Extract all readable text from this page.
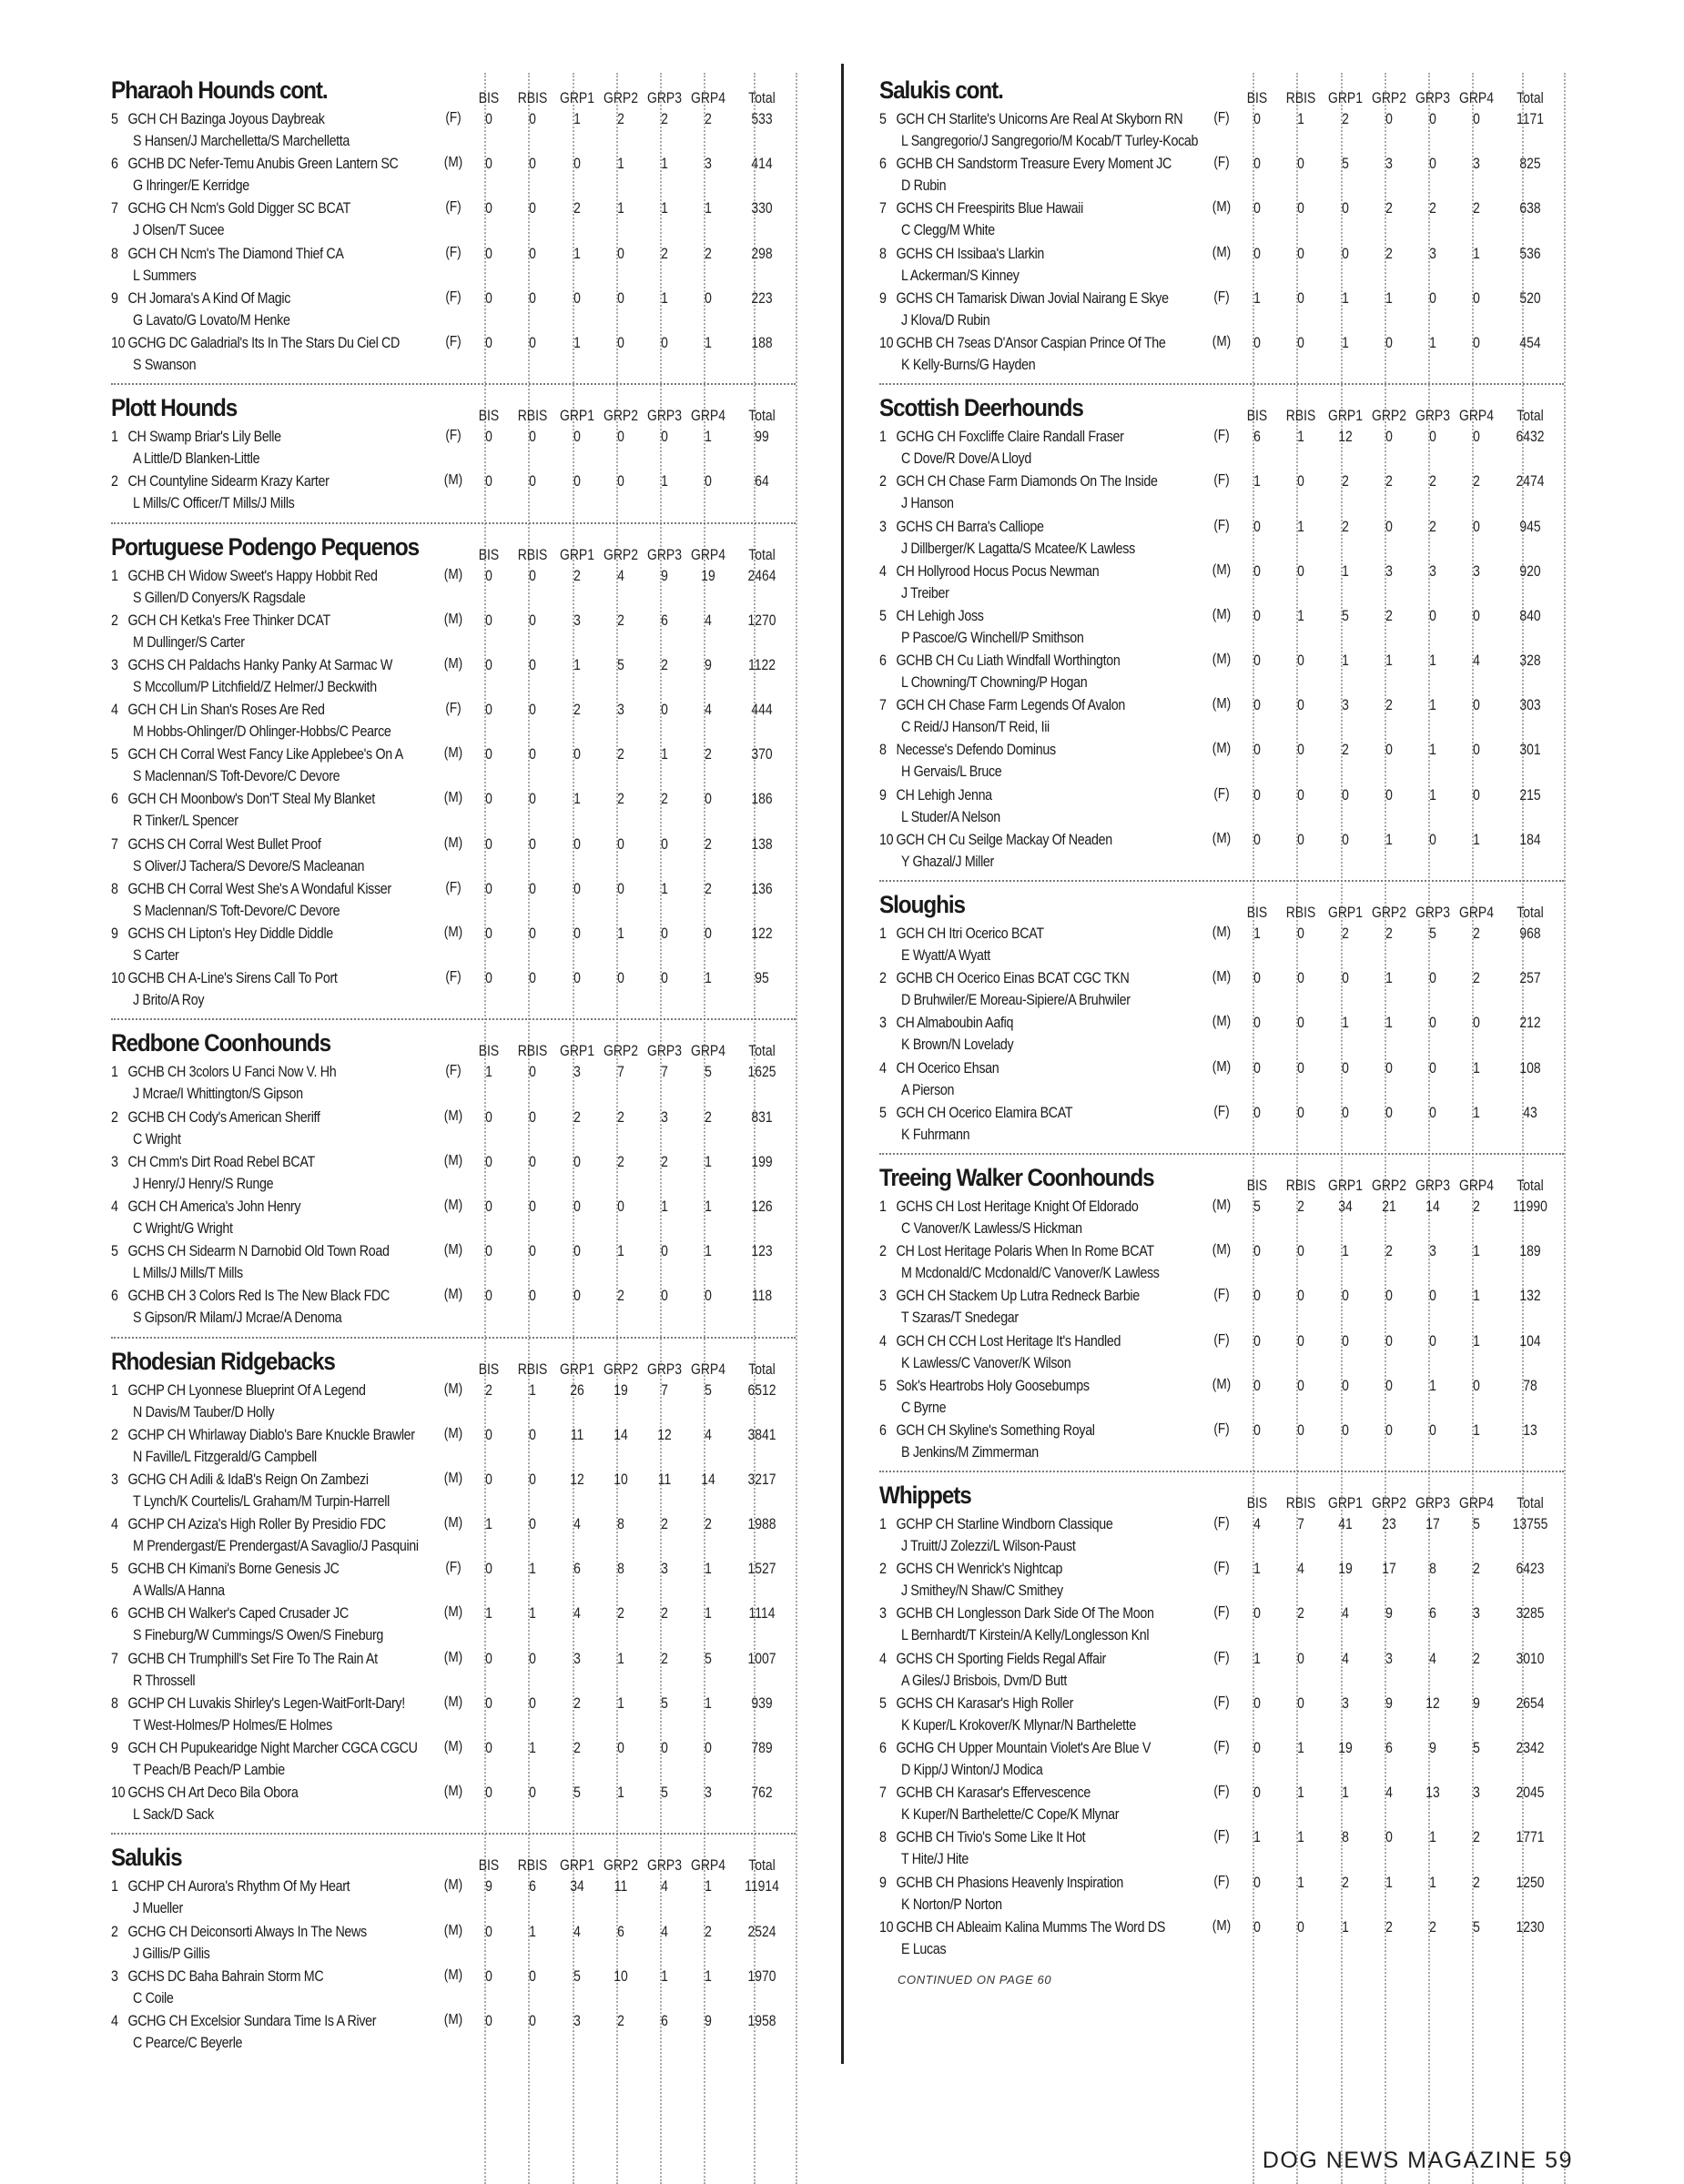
Pharaoh Hounds cont.	BIS	RBIS GRP1 GRP2 GRP3 GRP4	Total
5 GCH CH Bazinga Joyous Daybreak
S Hansen/J Marchelletta/S Marchelletta
(F)	0	0	1	2	2	2	533
6 GCHB DC Nefer-Temu Anubis Green Lantern SC
G Ihringer/E Kerridge
(M)	0	0	0	1	1	3	414
7 GCHG CH Ncm's Gold Digger SC BCAT
J Olsen/T Sucee
(F)	0	0	2	1	1	1	330
8 GCH CH Ncm's The Diamond Thief CA
L Summers
(F)	0	0	1	0	2	2	298
9 CH Jomara's A Kind Of Magic
G Lavato/G Lovato/M Henke
(F)	0	0	0	0	1	0	223
10 GCHG DC Galadrial's Its In The Stars Du Ciel CD
S Swanson
(F)	0	0	1	0	0	1	188
Plott Hounds	BIS	RBIS GRP1 GRP2 GRP3 GRP4	Total
1 CH Swamp Briar's Lily Belle
A Little/D Blanken-Little
(F)	0	0	0	0	0	1	99
2 CH Countyline Sidearm Krazy Karter
L Mills/C Officer/T Mills/J Mills
(M)	0	0	0	0	1	0	64
Portuguese Podengo Pequenos	BIS	RBIS GRP1 GRP2 GRP3 GRP4	Total
1 GCHB CH Widow Sweet's Happy Hobbit Red
S Gillen/D Conyers/K Ragsdale
(M)	0	0	2	4	9	19	2464
2 GCH CH Ketka's Free Thinker DCAT
M Dullinger/S Carter
(M)	0	0	3	2	6	4	1270
3 GCHS CH Paldachs Hanky Panky At Sarmac W
S Mccollum/P Litchfield/Z Helmer/J Beckwith
(M)	0	0	1	5	2	9	1122
4 GCH CH Lin Shan's Roses Are Red
M Hobbs-Ohlinger/D Ohlinger-Hobbs/C Pearce
(F)	0	0	2	3	0	4	444
5 GCH CH Corral West Fancy Like Applebee's On A
S Maclennan/S Toft-Devore/C Devore
(M)	0	0	0	2	1	2	370
6 GCH CH Moonbow's Don'T Steal My Blanket
R Tinker/L Spencer
(M)	0	0	1	2	2	0	186
7 GCHS CH Corral West Bullet Proof
S Oliver/J Tachera/S Devore/S Macleanan
(M)	0	0	0	0	0	2	138
8 GCHB CH Corral West She's A Wondaful Kisser
S Maclennan/S Toft-Devore/C Devore
(F)	0	0	0	0	1	2	136
9 GCHS CH Lipton's Hey Diddle Diddle
S Carter
(M)	0	0	0	1	0	0	122
10 GCHB CH A-Line's Sirens Call To Port
J Brito/A Roy
(F)	0	0	0	0	0	1	95
Redbone Coonhounds	BIS	RBIS GRP1 GRP2 GRP3 GRP4	Total
1 GCHB CH 3colors U Fanci Now V. Hh
J Mcrae/I Whittington/S Gipson
(F)	1	0	3	7	7	5	1625
2 GCHB CH Cody's American Sheriff
C Wright
(M)	0	0	2	2	3	2	831
3 CH Cmm's Dirt Road Rebel BCAT
J Henry/J Henry/S Runge
(M)	0	0	0	2	2	1	199
4 GCH CH America's John Henry
C Wright/G Wright
(M)	0	0	0	0	1	1	126
5 GCHS CH Sidearm N Darnobid Old Town Road
L Mills/J Mills/T Mills
(M)	0	0	0	1	0	1	123
6 GCHB CH 3 Colors Red Is The New Black FDC
S Gipson/R Milam/J Mcrae/A Denoma
(M)	0	0	0	2	0	0	118
Rhodesian Ridgebacks	BIS	RBIS GRP1 GRP2 GRP3 GRP4	Total
1 GCHP CH Lyonnese Blueprint Of A Legend
N Davis/M Tauber/D Holly
(M)	2	1	26	19	7	5	6512
2 GCHP CH Whirlaway Diablo's Bare Knuckle Brawler
N Faville/L Fitzgerald/G Campbell
(M)	0	0	11	14	12	4	3841
3 GCHG CH Adili & IdaB's Reign On Zambezi
T Lynch/K Courtelis/L Graham/M Turpin-Harrell
(M)	0	0	12	10	11	14	3217
4 GCHP CH Aziza's High Roller By Presidio FDC
M Prendergast/E Prendergast/A Savaglio/J Pasquini
(M)	1	0	4	8	2	2	1988
5 GCHB CH Kimani's Borne Genesis JC
A Walls/A Hanna
(F)	0	1	6	8	3	1	1527
6 GCHB CH Walker's Caped Crusader JC
S Fineburg/W Cummings/S Owen/S Fineburg
(M)	1	1	4	2	2	1	1114
7 GCHB CH Trumphill's Set Fire To The Rain At
R Throssell
(M)	0	0	3	1	2	5	1007
8 GCHP CH Luvakis Shirley's Legen-WaitForIt-Dary!
T West-Holmes/P Holmes/E Holmes
(M)	0	0	2	1	5	1	939
9 GCH CH Pupukearidge Night Marcher CGCA CGCU
T Peach/B Peach/P Lambie
(M)	0	1	2	0	0	0	789
10 GCHS CH Art Deco Bila Obora
L Sack/D Sack
(M)	0	0	5	1	5	3	762
Salukis	BIS	RBIS GRP1 GRP2 GRP3 GRP4	Total
1 GCHP CH Aurora's Rhythm Of My Heart
J Mueller
(M)	9	6	34	11	4	1	11914
2 GCHG CH Deiconsorti Always In The News
J Gillis/P Gillis
(M)	0	1	4	6	4	2	2524
3 GCHS DC Baha Bahrain Storm MC
C Coile
(M)	0	0	5	10	1	1	1970
4 GCHG CH Excelsior Sundara Time Is A River
C Pearce/C Beyerle
(M)	0	0	3	2	6	9	1958
Salukis cont.	BIS	RBIS GRP1 GRP2 GRP3 GRP4	Total
5 GCH CH Starlite's Unicorns Are Real At Skyborn RN
L Sangregorio/J Sangregorio/M Kocab/T Turley-Kocab
(F)	0	1	2	0	0	0	1171
6 GCHB CH Sandstorm Treasure Every Moment JC
D Rubin
(F)	0	0	5	3	0	3	825
7 GCHS CH Freespirits Blue Hawaii
C Clegg/M White
(M)	0	0	0	2	2	2	638
8 GCHS CH Issibaa's Llarkin
L Ackerman/S Kinney
(M)	0	0	0	2	3	1	536
9 GCHS CH Tamarisk Diwan Jovial Nairang E Skye
J Klova/D Rubin
(F)	1	0	1	1	0	0	520
10 GCHB CH 7seas D'Ansor Caspian Prince Of The
K Kelly-Burns/G Hayden
(M)	0	0	1	0	1	0	454
Scottish Deerhounds	BIS	RBIS GRP1 GRP2 GRP3 GRP4	Total
1 GCHG CH Foxcliffe Claire Randall Fraser
C Dove/R Dove/A Lloyd
(F)	6	1	12	0	0	0	6432
2 GCH CH Chase Farm Diamonds On The Inside
J Hanson
(F)	1	0	2	2	2	2	2474
3 GCHS CH Barra's Calliope
J Dillberger/K Lagatta/S Mcatee/K Lawless
(F)	0	1	2	0	2	0	945
4 CH Hollyrood Hocus Pocus Newman
J Treiber
(M)	0	0	1	3	3	3	920
5 CH Lehigh Joss
P Pascoe/G Winchell/P Smithson
(M)	0	1	5	2	0	0	840
6 GCHB CH Cu Liath Windfall Worthington
L Chowning/T Chowning/P Hogan
(M)	0	0	1	1	1	4	328
7 GCH CH Chase Farm Legends Of Avalon
C Reid/J Hanson/T Reid, Iii
(M)	0	0	3	2	1	0	303
8 Necesse's Defendo Dominus
H Gervais/L Bruce
(M)	0	0	2	0	1	0	301
9 CH Lehigh Jenna
L Studer/A Nelson
(F)	0	0	0	0	1	0	215
10 GCH CH Cu Seilge Mackay Of Neaden
Y Ghazal/J Miller
(M)	0	0	0	1	0	1	184
Sloughis	BIS	RBIS GRP1 GRP2 GRP3 GRP4	Total
1 GCH CH Itri Ocerico BCAT
E Wyatt/A Wyatt
(M)	1	0	2	2	5	2	968
2 GCHB CH Ocerico Einas BCAT CGC TKN
D Bruhwiler/E Moreau-Sipiere/A Bruhwiler
(M)	0	0	0	1	0	2	257
3 CH Almaboubin Aafiq
K Brown/N Lovelady
(M)	0	0	1	1	0	0	212
4 CH Ocerico Ehsan
A Pierson
(M)	0	0	0	0	0	1	108
5 GCH CH Ocerico Elamira BCAT
K Fuhrmann
(F)	0	0	0	0	0	1	43
Treeing Walker Coonhounds	BIS	RBIS GRP1 GRP2 GRP3 GRP4	Total
1 GCHS CH Lost Heritage Knight Of Eldorado
C Vanover/K Lawless/S Hickman
(M)	5	2	34	21	14	2	11990
2 CH Lost Heritage Polaris When In Rome BCAT
M Mcdonald/C Mcdonald/C Vanover/K Lawless
(M)	0	0	1	2	3	1	189
3 GCH CH Stackem Up Lutra Redneck Barbie
T Szaras/T Snedegar
(F)	0	0	0	0	0	1	132
4 GCH CH CCH Lost Heritage It's Handled
K Lawless/C Vanover/K Wilson
(F)	0	0	0	0	0	1	104
5 Sok's Heartrobs Holy Goosebumps
C Byrne
(M)	0	0	0	0	1	0	78
6 GCH CH Skyline's Something Royal
B Jenkins/M Zimmerman
(F)	0	0	0	0	0	1	13
Whippets	BIS	RBIS GRP1 GRP2 GRP3 GRP4	Total
1 GCHP CH Starline Windborn Classique
J Truitt/J Zolezzi/L Wilson-Paust
(F)	4	7	41	23	17	5	13755
2 GCHS CH Wenrick's Nightcap
J Smithey/N Shaw/C Smithey
(F)	1	4	19	17	8	2	6423
3 GCHB CH Longlesson Dark Side Of The Moon
L Bernhardt/T Kirstein/A Kelly/Longlesson Knl
(F)	0	2	4	9	6	3	3285
4 GCHS CH Sporting Fields Regal Affair
A Giles/J Brisbois, Dvm/D Butt
(F)	1	0	4	3	4	2	3010
5 GCHS CH Karasar's High Roller
K Kuper/L Krokover/K Mlynar/N Barthelette
(F)	0	0	3	9	12	9	2654
6 GCHG CH Upper Mountain Violet's Are Blue V
D Kipp/J Winton/J Modica
(F)	0	1	19	6	9	5	2342
7 GCHB CH Karasar's Effervescence
K Kuper/N Barthelette/C Cope/K Mlynar
(F)	0	1	1	4	13	3	2045
8 GCHB CH Tivio's Some Like It Hot
T Hite/J Hite
(F)	1	1	8	0	1	2	1771
9 GCHB CH Phasions Heavenly Inspiration
K Norton/P Norton
(F)	0	1	2	1	1	2	1250
10 GCHB CH Ableaim Kalina Mumms The Word DS
E Lucas
(M)	0	0	1	2	2	5	1230
CONTINUED ON PAGE 60
DOG NEWS MAGAZINE 59
